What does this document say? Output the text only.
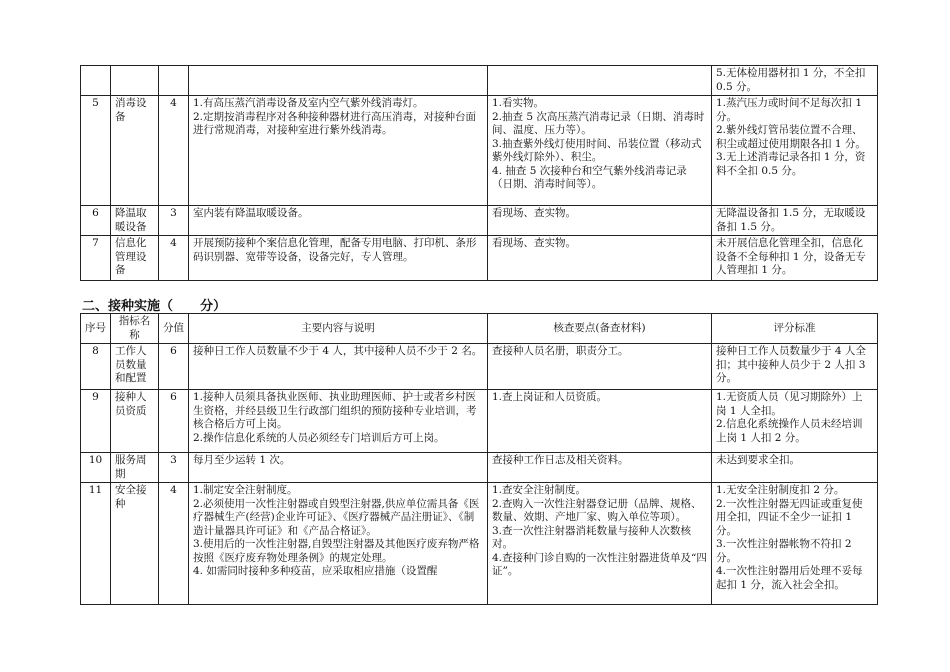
					5.无体检用器材扣 1 分，不全扣 0.5 分。
5	消毒设备	4	1.有高压蒸汽消毒设备及室内空气紫外线消毒灯。
2.定期按消毒程序对各种接种器材进行高压消毒，对接种台面进行常规消毒，对接种室进行紫外线消毒。	1.看实物。
2.抽查 5 次高压蒸汽消毒记录（日期、消毒时间、温度、压力等）。
3.抽查紫外线灯使用时间、吊装位置（移动式紫外线灯除外）、积尘。
4. 抽查 5 次接种台和空气紫外线消毒记录（日期、消毒时间等）。	1.蒸汽压力或时间不足每次扣 1 分。
2.紫外线灯管吊装位置不合理、积尘或超过使用期限各扣 1 分。
3.无上述消毒记录各扣 1 分，资料不全扣 0.5 分。
6	降温取暖设备	3	室内装有降温取暖设备。	看现场、查实物。	无降温设备扣 1.5 分，无取暖设备扣 1.5 分。
7	信息化管理设备	4	开展预防接种个案信息化管理，配备专用电脑、打印机、条形码识别器、宽带等设备，设备完好，专人管理。	看现场、查实物。	未开展信息化管理全扣，信息化设备不全每种扣 1 分，设备无专人管理扣 1 分。
二、接种实施（      分）
序号	指标名称	分值	主要内容与说明	核查要点(备查材料)	评分标准
8	工作人员数量和配置	6	接种日工作人员数量不少于 4 人，其中接种人员不少于 2 名。	查接种人员名册，职责分工。	接种日工作人员数量少于 4 人全扣；其中接种人员少于 2 人扣 3 分。
9	接种人员资质	6	1.接种人员须具备执业医师、执业助理医师、护士或者乡村医生资格，并经县级卫生行政部门组织的预防接种专业培训，考核合格后方可上岗。
2.操作信息化系统的人员必须经专门培训后方可上岗。	1.查上岗证和人员资质。	1.无资质人员（见习期除外）上岗 1 人全扣。
2.信息化系统操作人员未经培训上岗 1 人扣 2 分。
10	服务周期	3	每月至少运转 1 次。	查接种工作日志及相关资料。	未达到要求全扣。
11	安全接种	4	1.制定安全注射制度。
2.必须使用一次性注射器或自毁型注射器,供应单位需具备《医疗器械生产(经营)企业许可证》、《医疗器械产品注册证》、《制造计量器具许可证》和《产品合格证》。
3.使用后的一次性注射器,自毁型注射器及其他医疗废弃物严格按照《医疗废弃物处理条例》的规定处理。
4. 如需同时接种多种疫苗，应采取相应措施（设置醒	1.查安全注射制度。
2.查购入一次性注射器登记册（品牌、规格、数量、效期、产地厂家、购入单位等项）。
3.查一次性注射器消耗数量与接种人次数核对。
4.查接种门诊自购的一次性注射器进货单及“四证”。	1.无安全注射制度扣 2 分。
2.一次性注射器无四证或重复使用全扣，四证不全少一证扣 1 分。
3.一次性注射器帐物不符扣 2 分。
4.一次性注射器用后处理不妥每起扣 1 分，流入社会全扣。
